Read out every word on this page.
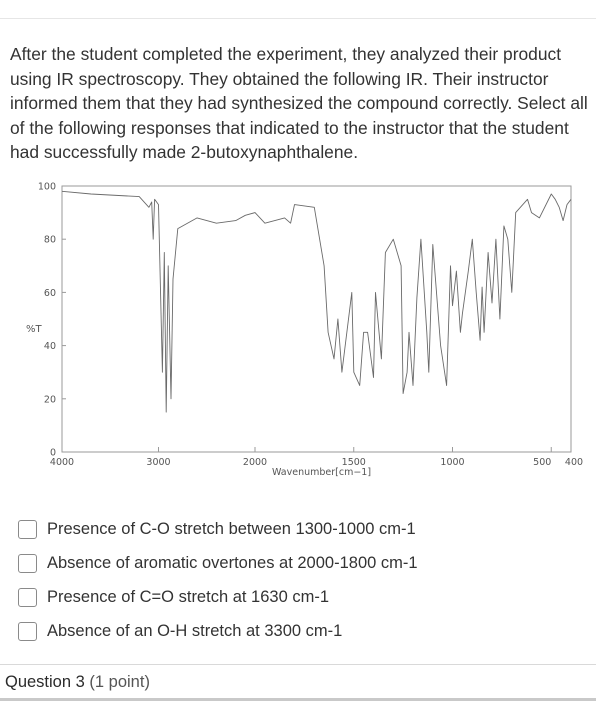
After the student completed the experiment, they analyzed their product using IR spectroscopy. They obtained the following IR. Their instructor informed them that they had synthesized the compound correctly. Select all of the following responses that indicated to the instructor that the student had successfully made 2-butoxynaphthalene.
100
80
60
40
20
0
4000	3000	2000	1500	1000	500 400
%T
Wavenumber[cm−1]
Presence of C-O stretch between 1300-1000 cm-1
Absence of aromatic overtones at 2000-1800 cm-1
Presence of C=O stretch at 1630 cm-1
Absence of an O-H stretch at 3300 cm-1
Question 3 (1 point)
